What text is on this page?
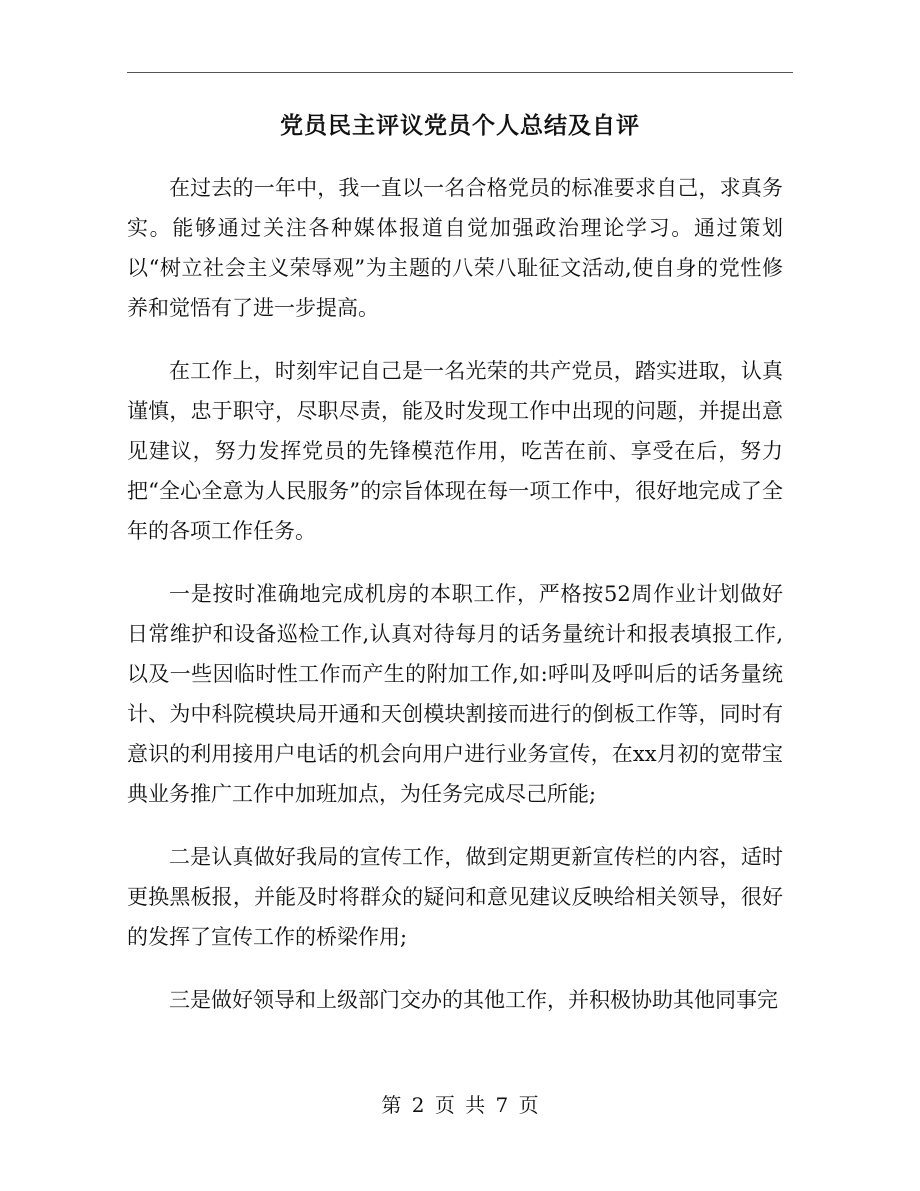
党员民主评议党员个人总结及自评

在过去的一年中，我一直以一名合格党员的标准要求自己，求真务实。能够通过关注各种媒体报道自觉加强政治理论学习。通过策划以“树立社会主义荣辱观”为主题的八荣八耻征文活动,使自身的党性修养和觉悟有了进一步提高。

在工作上，时刻牢记自己是一名光荣的共产党员，踏实进取，认真谨慎，忠于职守，尽职尽责，能及时发现工作中出现的问题，并提出意见建议，努力发挥党员的先锋模范作用，吃苦在前、享受在后，努力把“全心全意为人民服务”的宗旨体现在每一项工作中，很好地完成了全年的各项工作任务。

一是按时准确地完成机房的本职工作，严格按52周作业计划做好日常维护和设备巡检工作,认真对待每月的话务量统计和报表填报工作,以及一些因临时性工作而产生的附加工作,如:呼叫及呼叫后的话务量统计、为中科院模块局开通和天创模块割接而进行的倒板工作等，同时有意识的利用接用户电话的机会向用户进行业务宣传，在xx月初的宽带宝典业务推广工作中加班加点，为任务完成尽己所能;

二是认真做好我局的宣传工作，做到定期更新宣传栏的内容，适时更换黑板报，并能及时将群众的疑问和意见建议反映给相关领导，很好的发挥了宣传工作的桥梁作用;

三是做好领导和上级部门交办的其他工作，并积极协助其他同事完

第 2 页 共 7 页
